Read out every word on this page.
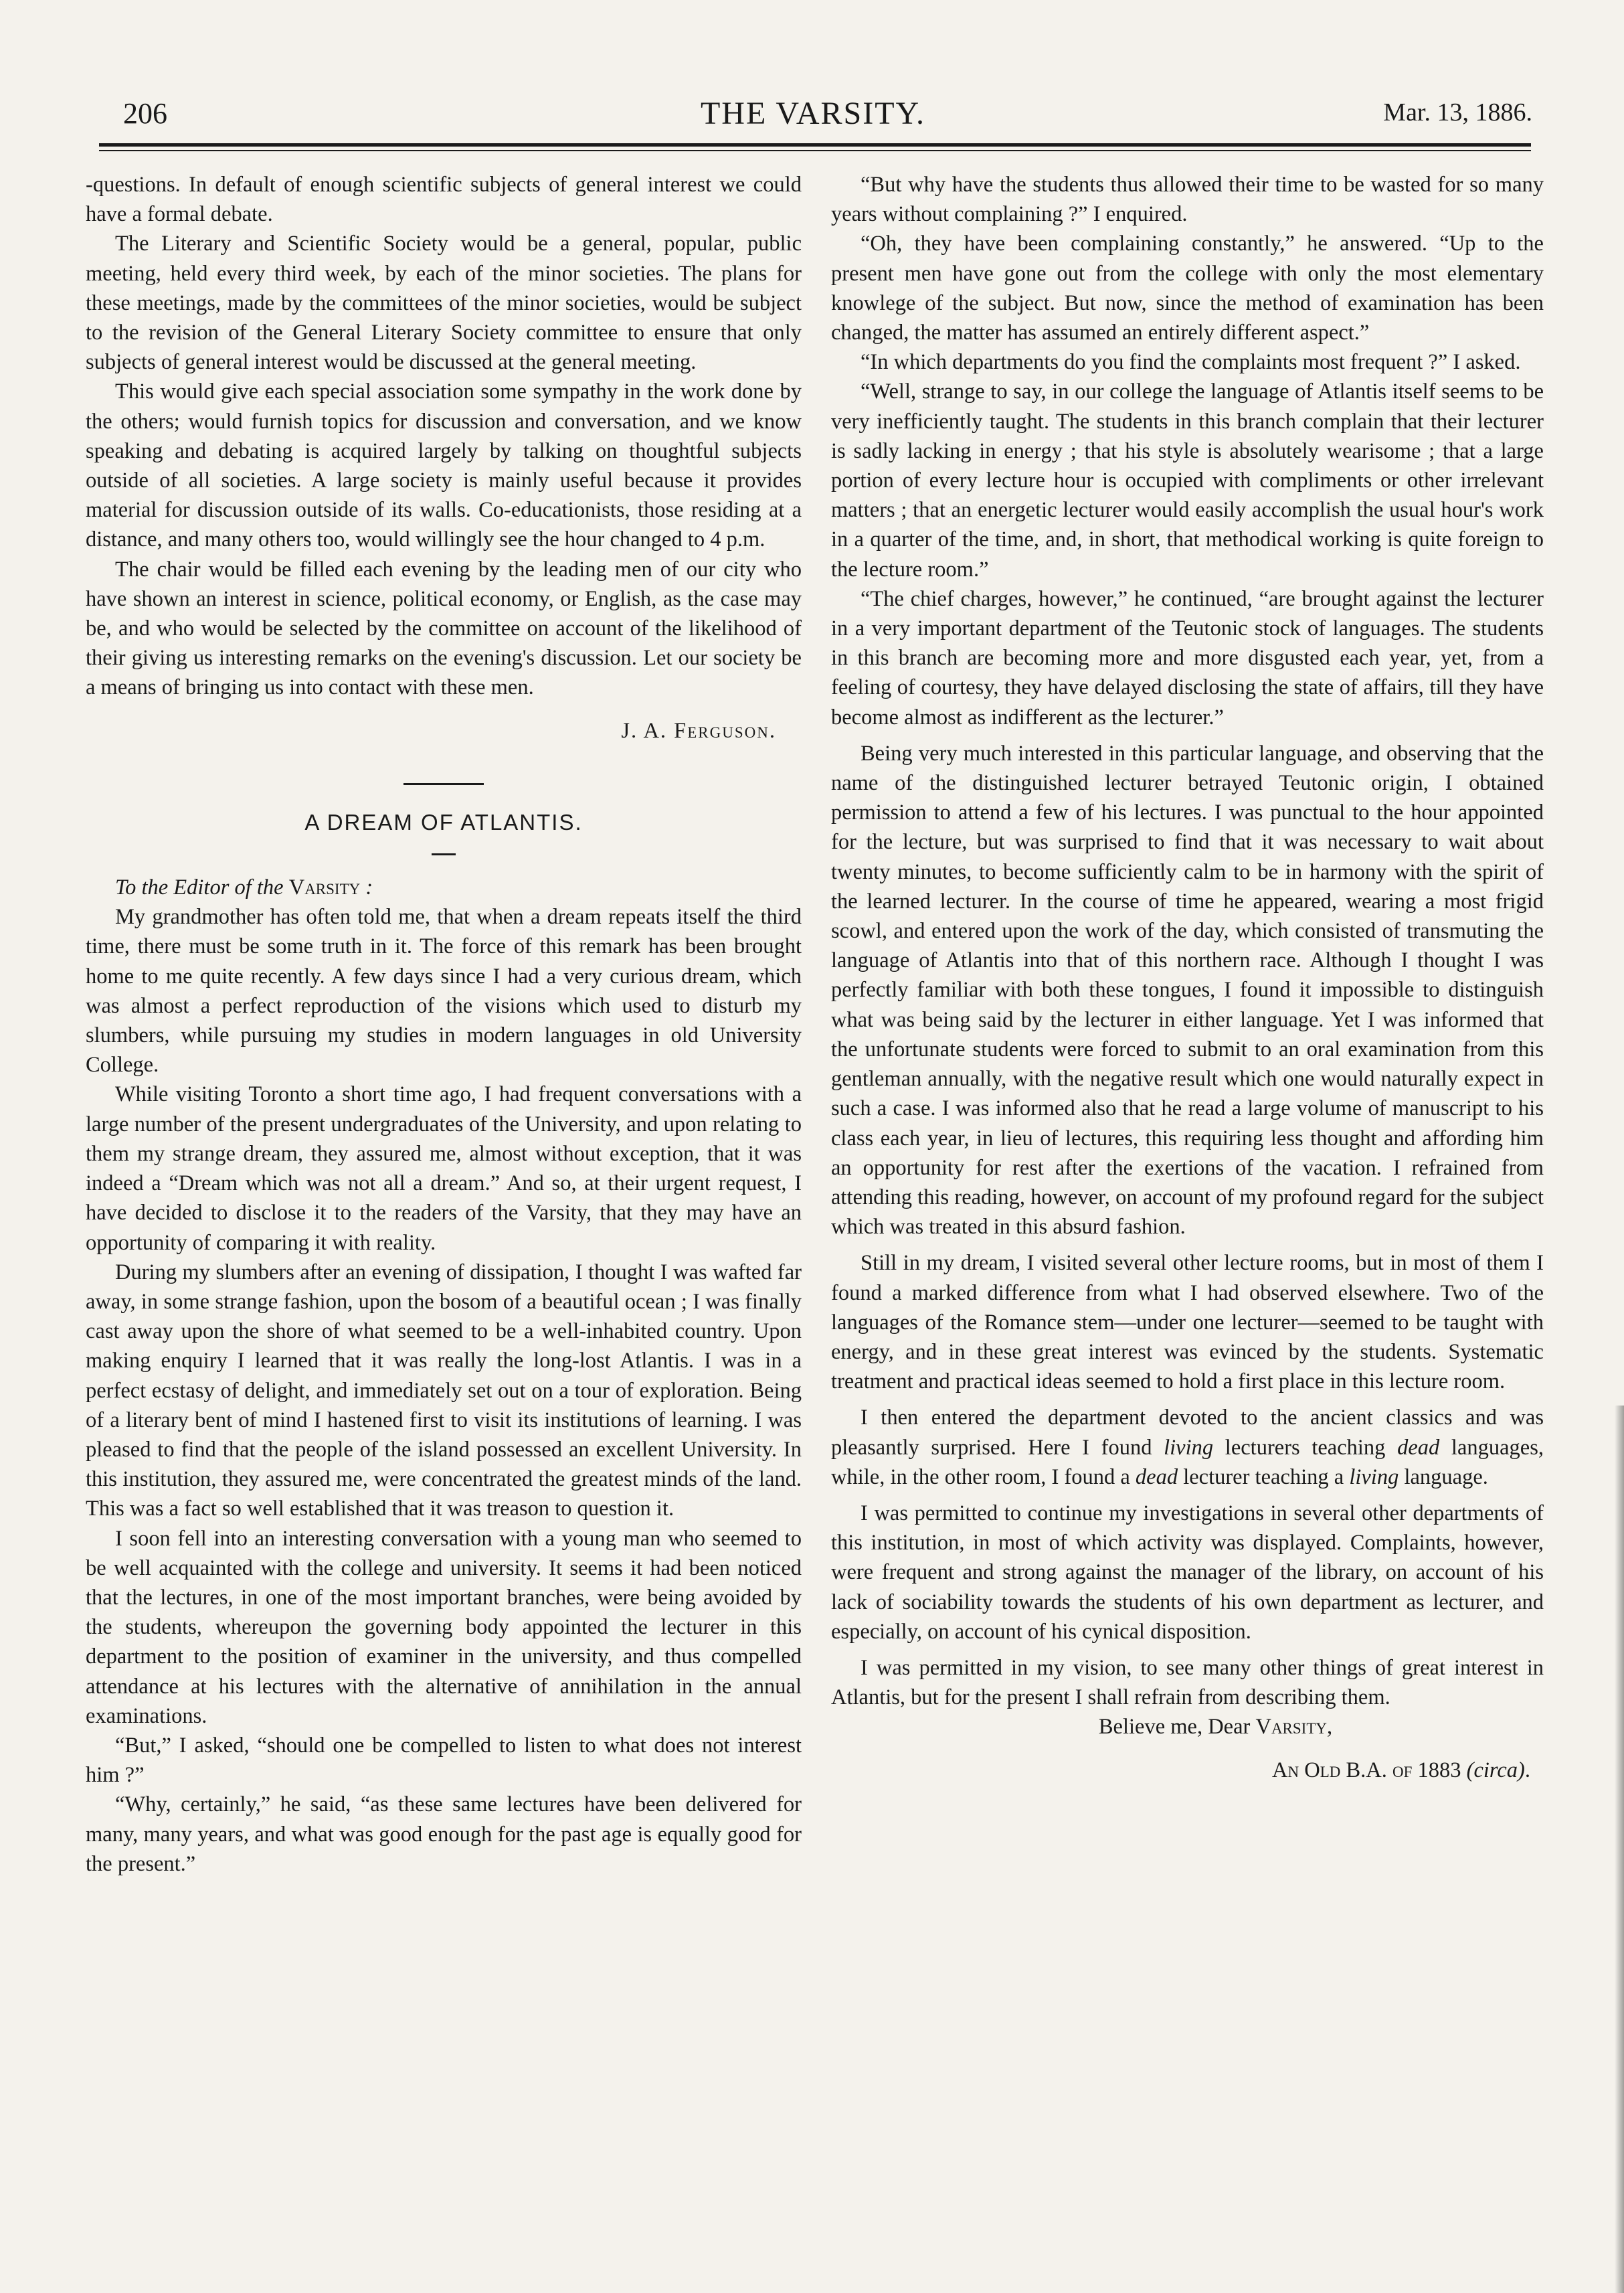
206	THE VARSITY.	Mar. 13, 1886.

-questions. In default of enough scientific subjects of general interest we could have a formal debate.

The Literary and Scientific Society would be a general, popular, public meeting, held every third week, by each of the minor societies. The plans for these meetings, made by the committees of the minor societies, would be subject to the revision of the General Literary Society committee to ensure that only subjects of general interest would be discussed at the general meeting.

This would give each special association some sympathy in the work done by the others; would furnish topics for discussion and conversation, and we know speaking and debating is acquired largely by talking on thoughtful subjects outside of all societies. A large society is mainly useful because it provides material for discussion outside of its walls. Co-educationists, those residing at a distance, and many others too, would willingly see the hour changed to 4 p.m.

The chair would be filled each evening by the leading men of our city who have shown an interest in science, political economy, or English, as the case may be, and who would be selected by the committee on account of the likelihood of their giving us interesting remarks on the evening's discussion. Let our society be a means of bringing us into contact with these men.

J. A. Ferguson.
A DREAM OF ATLANTIS.

To the Editor of the Varsity :

My grandmother has often told me, that when a dream repeats itself the third time, there must be some truth in it. The force of this remark has been brought home to me quite recently. A few days since I had a very curious dream, which was almost a perfect reproduction of the visions which used to disturb my slumbers, while pursuing my studies in modern languages in old University College.

While visiting Toronto a short time ago, I had frequent conversations with a large number of the present undergraduates of the University, and upon relating to them my strange dream, they assured me, almost without exception, that it was indeed a “Dream which was not all a dream.” And so, at their urgent request, I have decided to disclose it to the readers of the Varsity, that they may have an opportunity of comparing it with reality.

During my slumbers after an evening of dissipation, I thought I was wafted far away, in some strange fashion, upon the bosom of a beautiful ocean ; I was finally cast away upon the shore of what seemed to be a well-inhabited country. Upon making enquiry I learned that it was really the long-lost Atlantis. I was in a perfect ecstasy of delight, and immediately set out on a tour of exploration. Being of a literary bent of mind I hastened first to visit its institutions of learning. I was pleased to find that the people of the island possessed an excellent University. In this institution, they assured me, were concentrated the greatest minds of the land. This was a fact so well established that it was treason to question it.

I soon fell into an interesting conversation with a young man who seemed to be well acquainted with the college and university. It seems it had been noticed that the lectures, in one of the most important branches, were being avoided by the students, whereupon the governing body appointed the lecturer in this department to the position of examiner in the university, and thus compelled attendance at his lectures with the alternative of annihilation in the annual examinations.

“But,” I asked, “should one be compelled to listen to what does not interest him ?”

“Why, certainly,” he said, “as these same lectures have been delivered for many, many years, and what was good enough for the past age is equally good for the present.”

“But why have the students thus allowed their time to be wasted for so many years without complaining ?” I enquired.

“Oh, they have been complaining constantly,” he answered. “Up to the present men have gone out from the college with only the most elementary knowlege of the subject. But now, since the method of examination has been changed, the matter has assumed an entirely different aspect.”

“In which departments do you find the complaints most frequent ?” I asked.

“Well, strange to say, in our college the language of Atlantis itself seems to be very inefficiently taught. The students in this branch complain that their lecturer is sadly lacking in energy ; that his style is absolutely wearisome ; that a large portion of every lecture hour is occupied with compliments or other irrelevant matters ; that an energetic lecturer would easily accomplish the usual hour's work in a quarter of the time, and, in short, that methodical working is quite foreign to the lecture room.”

“The chief charges, however,” he continued, “are brought against the lecturer in a very important department of the Teutonic stock of languages. The students in this branch are becoming more and more disgusted each year, yet, from a feeling of courtesy, they have delayed disclosing the state of affairs, till they have become almost as indifferent as the lecturer.”

Being very much interested in this particular language, and observing that the name of the distinguished lecturer betrayed Teutonic origin, I obtained permission to attend a few of his lectures. I was punctual to the hour appointed for the lecture, but was surprised to find that it was necessary to wait about twenty minutes, to become sufficiently calm to be in harmony with the spirit of the learned lecturer. In the course of time he appeared, wearing a most frigid scowl, and entered upon the work of the day, which consisted of transmuting the language of Atlantis into that of this northern race. Although I thought I was perfectly familiar with both these tongues, I found it impossible to distinguish what was being said by the lecturer in either language. Yet I was informed that the unfortunate students were forced to submit to an oral examination from this gentleman annually, with the negative result which one would naturally expect in such a case. I was informed also that he read a large volume of manuscript to his class each year, in lieu of lectures, this requiring less thought and affording him an opportunity for rest after the exertions of the vacation. I refrained from attending this reading, however, on account of my profound regard for the subject which was treated in this absurd fashion.

Still in my dream, I visited several other lecture rooms, but in most of them I found a marked difference from what I had observed elsewhere. Two of the languages of the Romance stem—under one lecturer—seemed to be taught with energy, and in these great interest was evinced by the students. Systematic treatment and practical ideas seemed to hold a first place in this lecture room.

I then entered the department devoted to the ancient classics and was pleasantly surprised. Here I found living lecturers teaching dead languages, while, in the other room, I found a dead lecturer teaching a living language.

I was permitted to continue my investigations in several other departments of this institution, in most of which activity was displayed. Complaints, however, were frequent and strong against the manager of the library, on account of his lack of sociability towards the students of his own department as lecturer, and especially, on account of his cynical disposition.

I was permitted in my vision, to see many other things of great interest in Atlantis, but for the present I shall refrain from describing them.

Believe me, Dear Varsity,

An Old B.A. of 1883 (circa).
